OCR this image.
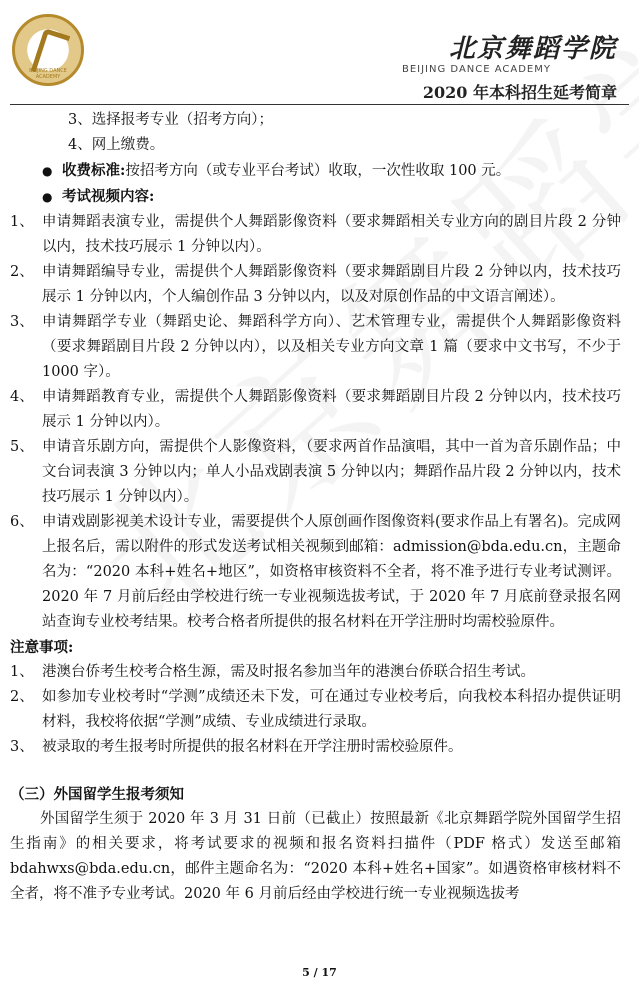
BEIJING DANCE ACADEMY
北京舞蹈学院
BEIJING DANCE ACADEMY
2020 年本科招生延考简章
3、选择报考专业（招考方向）；
4、网上缴费。
● 收费标准:按招考方向（或专业平台考试）收取，一次性收取 100 元。
● 考试视频内容:
1、 申请舞蹈表演专业，需提供个人舞蹈影像资料（要求舞蹈相关专业方向的剧目片段 2 分钟以内，技术技巧展示 1 分钟以内）。
2、 申请舞蹈编导专业，需提供个人舞蹈影像资料（要求舞蹈剧目片段 2 分钟以内，技术技巧展示 1 分钟以内，个人编创作品 3 分钟以内，以及对原创作品的中文语言阐述）。
3、 申请舞蹈学专业（舞蹈史论、舞蹈科学方向）、艺术管理专业，需提供个人舞蹈影像资料（要求舞蹈剧目片段 2 分钟以内），以及相关专业方向文章 1 篇（要求中文书写，不少于 1000 字）。
4、 申请舞蹈教育专业，需提供个人舞蹈影像资料（要求舞蹈剧目片段 2 分钟以内，技术技巧展示 1 分钟以内）。
5、 申请音乐剧方向，需提供个人影像资料，（要求两首作品演唱，其中一首为音乐剧作品；中文台词表演 3 分钟以内；单人小品戏剧表演 5 分钟以内；舞蹈作品片段 2 分钟以内，技术技巧展示 1 分钟以内）。
6、 申请戏剧影视美术设计专业，需要提供个人原创画作图像资料(要求作品上有署名)。完成网上报名后，需以附件的形式发送考试相关视频到邮箱：admission@bda.edu.cn，主题命名为：“2020 本科+姓名+地区”，如资格审核资料不全者，将不准予进行专业考试测评。2020 年 7 月前后经由学校进行统一专业视频选拔考试，于 2020 年 7 月底前登录报名网站查询专业校考结果。校考合格者所提供的报名材料在开学注册时均需校验原件。
注意事项:
1、 港澳台侨考生校考合格生源，需及时报名参加当年的港澳台侨联合招生考试。
2、 如参加专业校考时“学测”成绩还未下发，可在通过专业校考后，向我校本科招办提供证明材料，我校将依据“学测”成绩、专业成绩进行录取。
3、 被录取的考生报考时所提供的报名材料在开学注册时需校验原件。
（三）外国留学生报考须知
外国留学生须于 2020 年 3 月 31 日前（已截止）按照最新《北京舞蹈学院外国留学生招生指南》的相关要求，将考试要求的视频和报名资料扫描件（PDF 格式）发送至邮箱 bdahwxs@bda.edu.cn，邮件主题命名为：“2020 本科+姓名+国家”。如遇资格审核材料不全者，将不准予专业考试。2020 年 6 月前后经由学校进行统一专业视频选拔考
5 / 17
